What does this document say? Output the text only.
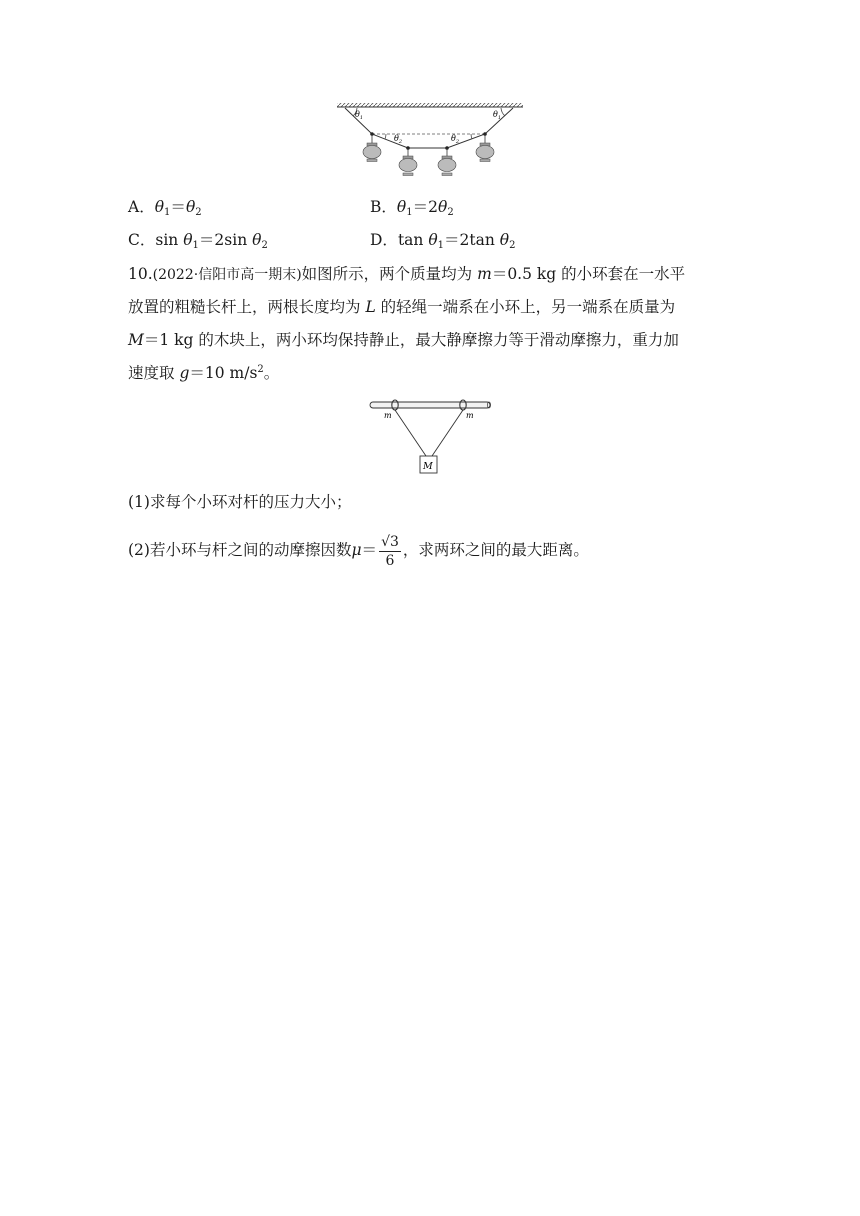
$\theta_1$	$\theta_1$
$\theta_2$	$\theta_2$
A．$\theta_1=\theta_2$	B．$\theta_1=2\theta_2$
C．$\sin \theta_1=2\sin$ $\theta_2$	D．$\tan \theta_1=2\tan$ $\theta_2$
10.(2022·信阳市高一期末)如图所示，两个质量均为 m＝0.5 kg 的小环套在一水平
放置的粗糙长杆上，两根长度均为 L 的轻绳一端系在小环上，另一端系在质量为
M＝1 kg 的木块上，两小环均保持静止，最大静摩擦力等于滑动摩擦力，重力加
速度取 g＝10 $m/s^2$。
m	m
M
(1)求每个小环对杆的压力大小；
(2)若小环与杆之间的动摩擦因数$\mu= \frac{√3}{6}$ ，求两环之间的最大距离。
